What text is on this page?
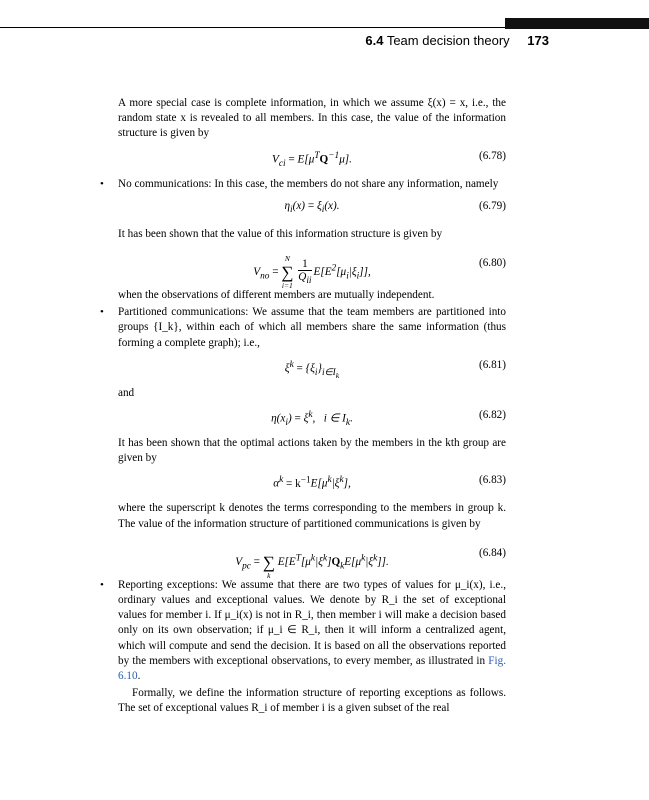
6.4 Team decision theory 173

A more special case is complete information, in which we assume ξ(x) = x, i.e., the random state x is revealed to all members. In this case, the value of the information structure is given by

$V_{ci} = E[\mu^TQ^{-1}\mu]$.	(6.78)
• No communications: In this case, the members do not share any information, namely

$\eta_i(x) = \xi_i(x)$.	(6.79)

It has been shown that the value of this information structure is given by

$V_{no}$ =
N
∑
i=1
$\frac{1}{Q_{ii}} E[E^2[\mu_i|\xi_i]]$,
(6.80)

when the observations of different members are mutually independent.

• Partitioned communications: We assume that the team members are partitioned into groups {I_k}, within each of which all members share the same information (thus forming a complete graph); i.e.,

$\xi^k = \{\xi_i\}_{i\in I_k}$
(6.81)

and

$\eta(x_i) = \xi^k$,   i ∈ $I_k$.	(6.82)

It has been shown that the optimal actions taken by the members in the kth group are given by

$\alpha^k = k^{-1}E[\mu^k|\xi^k]$,	(6.83)

where the superscript k denotes the terms corresponding to the members in group k. The value of the information structure of partitioned communications is given by

$V_{pc}$ =
∑
k
$E[E^T[\mu^k|\xi^k]Q_kE[\mu^k|\xi^k]]$.
(6.84)
• Reporting exceptions: We assume that there are two types of values for μ_i(x), i.e., ordinary values and exceptional values. We denote by R_i the set of exceptional values for member i. If μ_i(x) is not in R_i, then member i will make a decision based only on its own observation; if μ_i ∈ R_i, then it will inform a centralized agent, which will compute and send the decision. It is based on all the observations reported by the members with exceptional observations, to every member, as illustrated in Fig. 6.10.

Formally, we define the information structure of reporting exceptions as follows. The set of exceptional values R_i of member i is a given subset of the real
